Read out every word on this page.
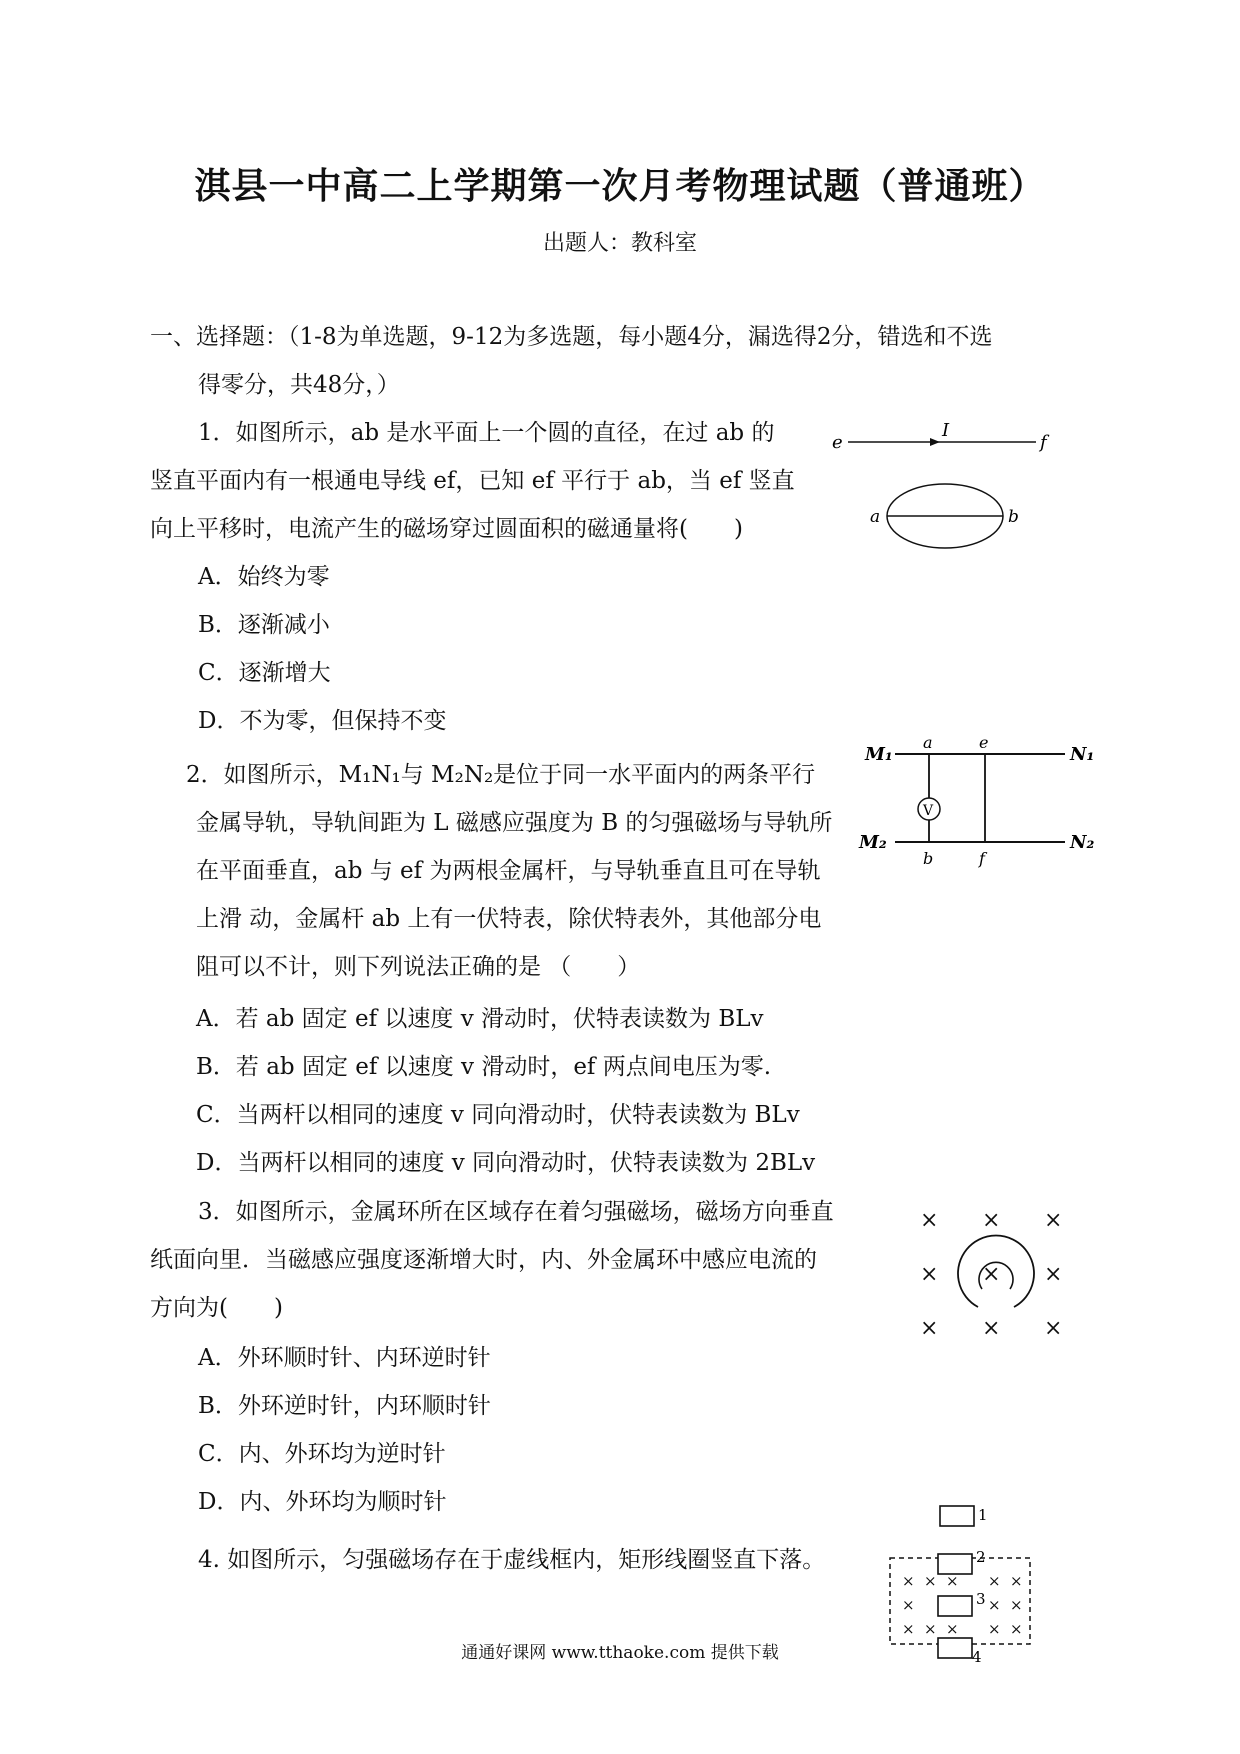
淇县一中高二上学期第一次月考物理试题（普通班）
出题人：教科室
一、选择题：（1-8为单选题，9-12为多选题，每小题4分，漏选得2分，错选和不选
得零分，共48分，）
1．如图所示，ab 是水平面上一个圆的直径，在过 ab 的
竖直平面内有一根通电导线 ef，已知 ef 平行于 ab，当 ef 竖直
向上平移时，电流产生的磁场穿过圆面积的磁通量将(　　)
A．始终为零
B．逐渐减小
C．逐渐增大
D．不为零，但保持不变
e
I
f
a	b
2．如图所示，M₁N₁与 M₂N₂是位于同一水平面内的两条平行
金属导轨，导轨间距为 L 磁感应强度为 B 的匀强磁场与导轨所
在平面垂直，ab 与 ef 为两根金属杆，与导轨垂直且可在导轨
上滑 动，金属杆 ab 上有一伏特表，除伏特表外，其他部分电
阻可以不计，则下列说法正确的是 （　　）
A．若 ab 固定 ef 以速度 v 滑动时，伏特表读数为 BLv
B．若 ab 固定 ef 以速度 v 滑动时，ef 两点间电压为零.
C．当两杆以相同的速度 v 同向滑动时，伏特表读数为 BLv
D．当两杆以相同的速度 v 同向滑动时，伏特表读数为 2BLv
V
M₁	N₁
M₂	N₂
a	e
b	f
3．如图所示，金属环所在区域存在着匀强磁场，磁场方向垂直
纸面向里．当磁感应强度逐渐增大时，内、外金属环中感应电流的
方向为(　　)
A．外环顺时针、内环逆时针
B．外环逆时针，内环顺时针
C．内、外环均为逆时针
D．内、外环均为顺时针
× × ×
×	×
× × ×
×
4. 如图所示，匀强磁场存在于虚线框内，矩形线圈竖直下落。
1
2
× × × × ×
×	× ×
× × × × ×
3
4
通通好课网 www.tthaoke.com 提供下载
